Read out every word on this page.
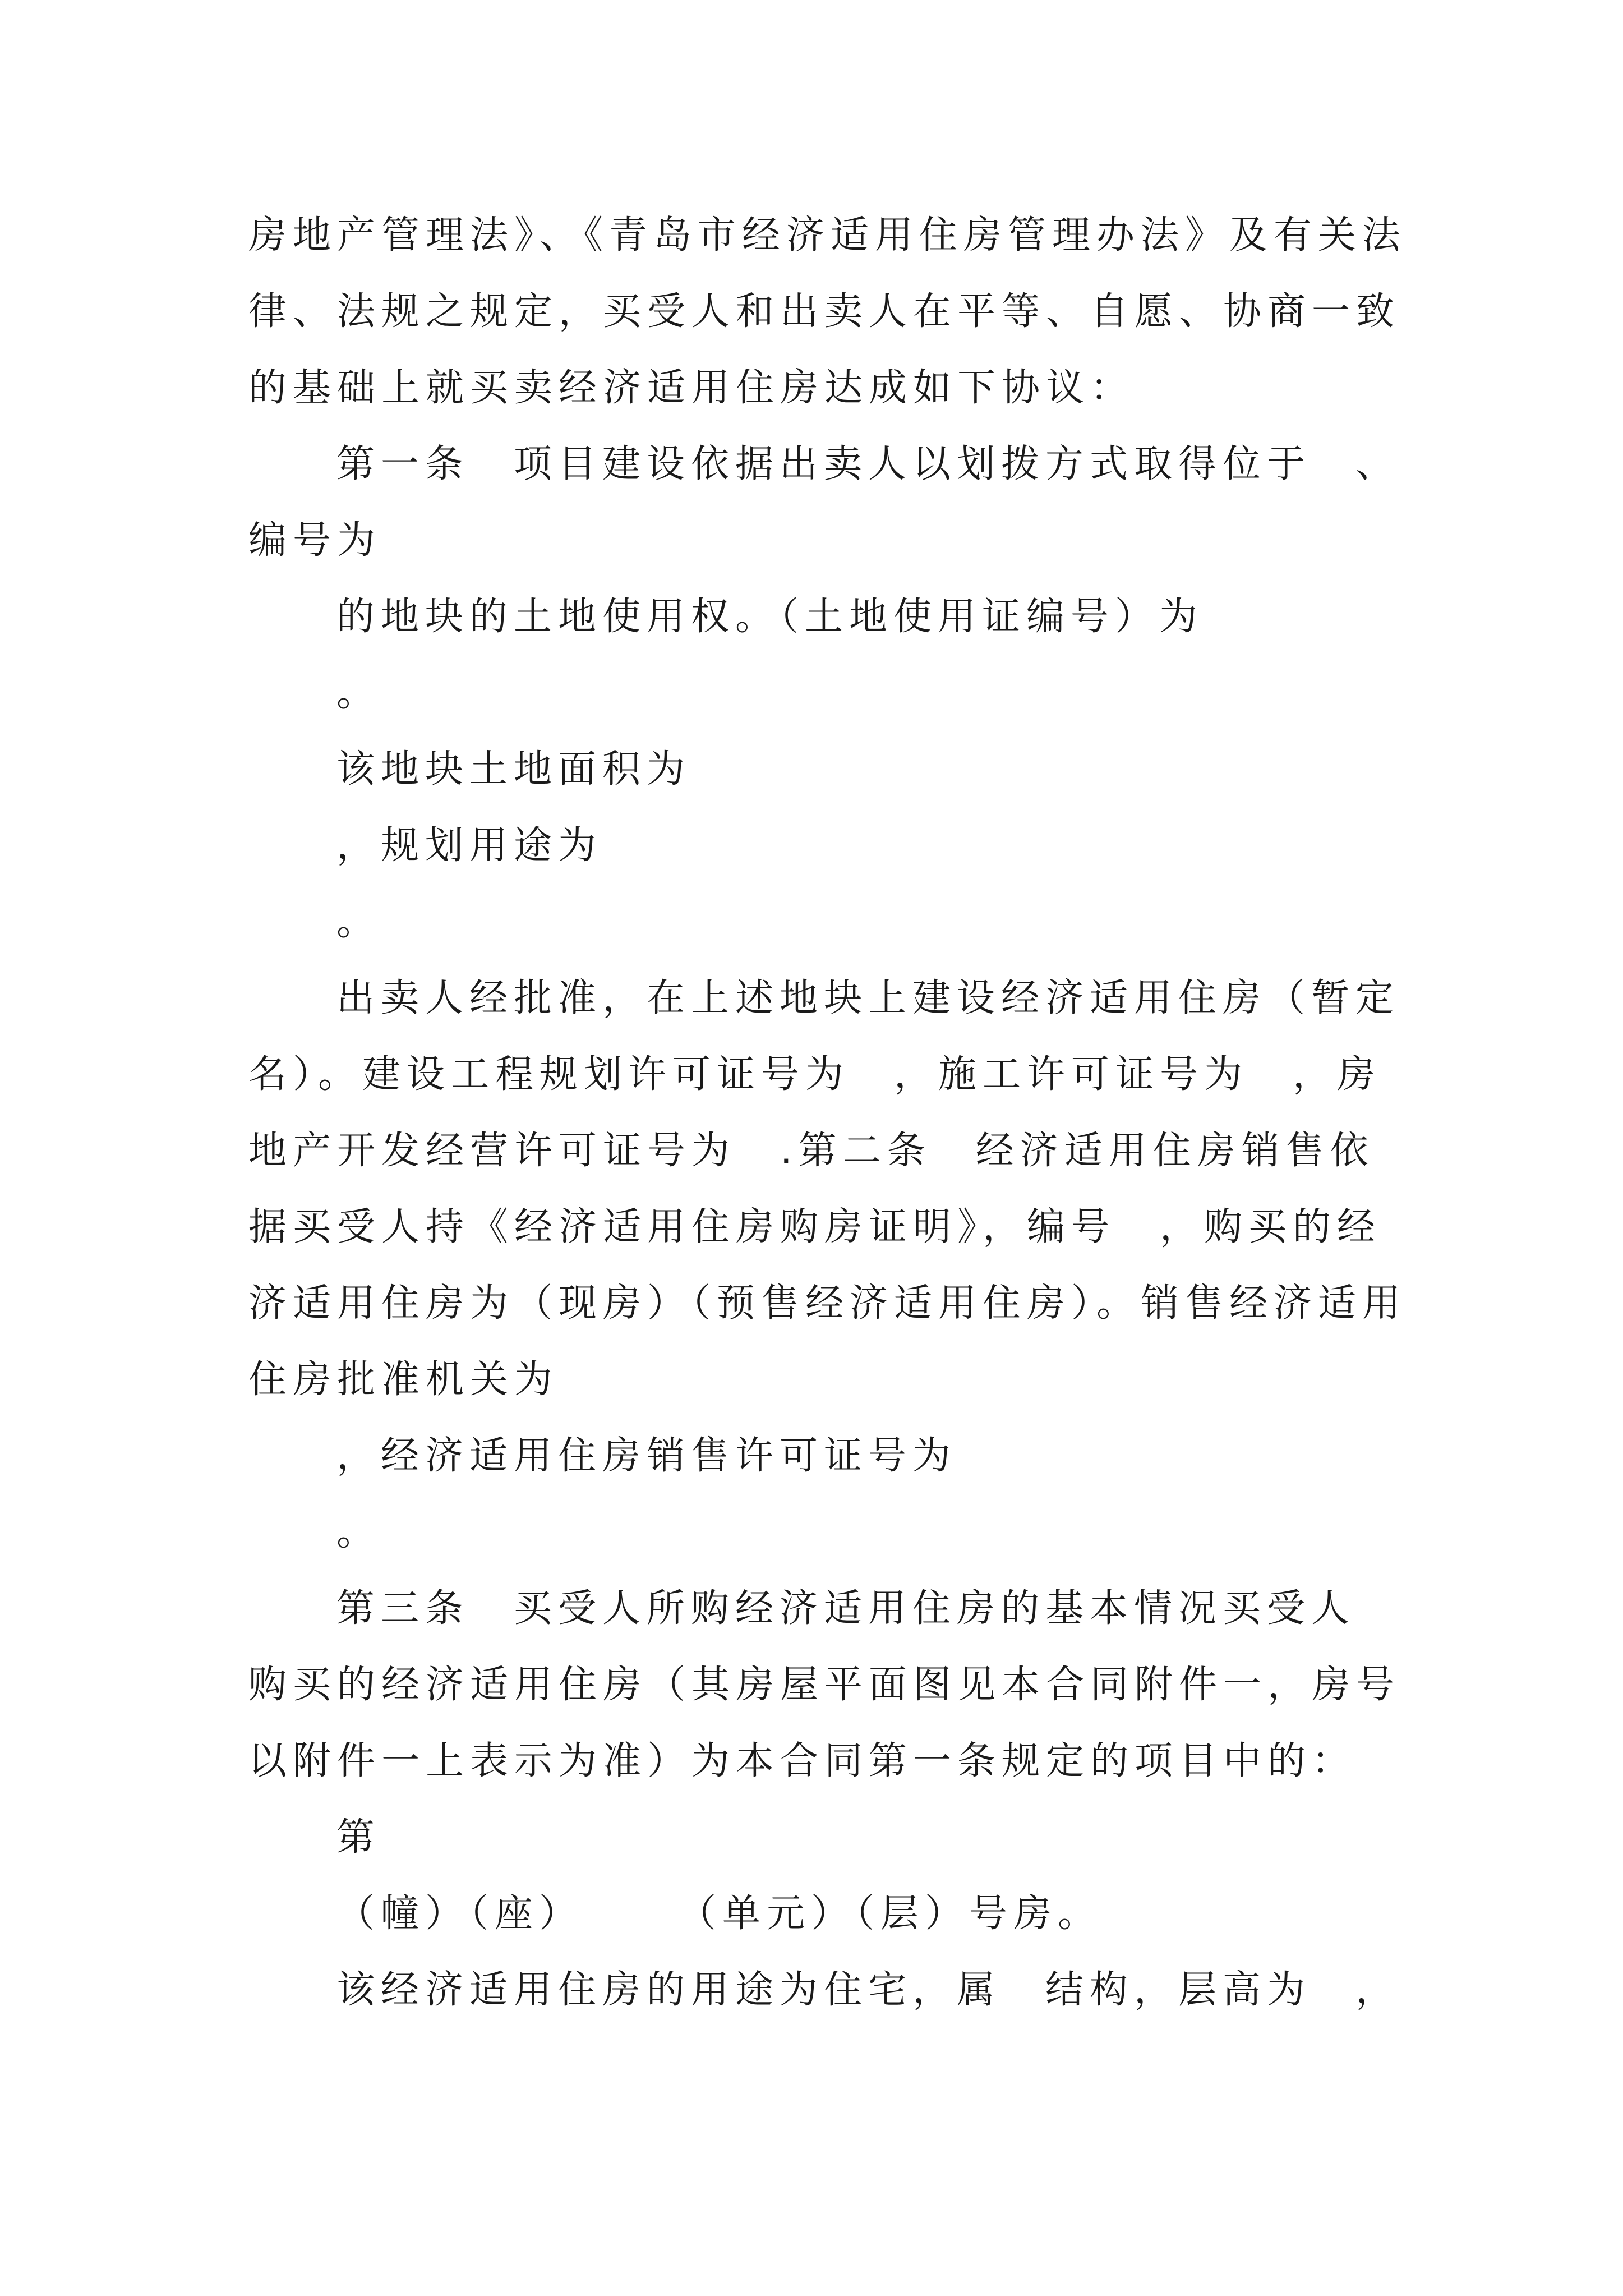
房地产管理法》、《青岛市经济适用住房管理办法》及有关法
律、法规之规定，买受人和出卖人在平等、自愿、协商一致
的基础上就买卖经济适用住房达成如下协议：
第一条　项目建设依据出卖人以划拨方式取得位于　、
编号为
的地块的土地使用权。（土地使用证编号）为
。
该地块土地面积为
，规划用途为
。
出卖人经批准，在上述地块上建设经济适用住房（暂定
名）。建设工程规划许可证号为　，施工许可证号为　，房
地产开发经营许可证号为　.第二条　经济适用住房销售依
据买受人持《经济适用住房购房证明》，编号　，购买的经
济适用住房为（现房）（预售经济适用住房）。销售经济适用
住房批准机关为
，经济适用住房销售许可证号为
。
第三条　买受人所购经济适用住房的基本情况买受人
购买的经济适用住房（其房屋平面图见本合同附件一，房号
以附件一上表示为准）为本合同第一条规定的项目中的：
第
（幢）（座）　　　（单元）（层）号房。
该经济适用住房的用途为住宅，属　结构，层高为　，
